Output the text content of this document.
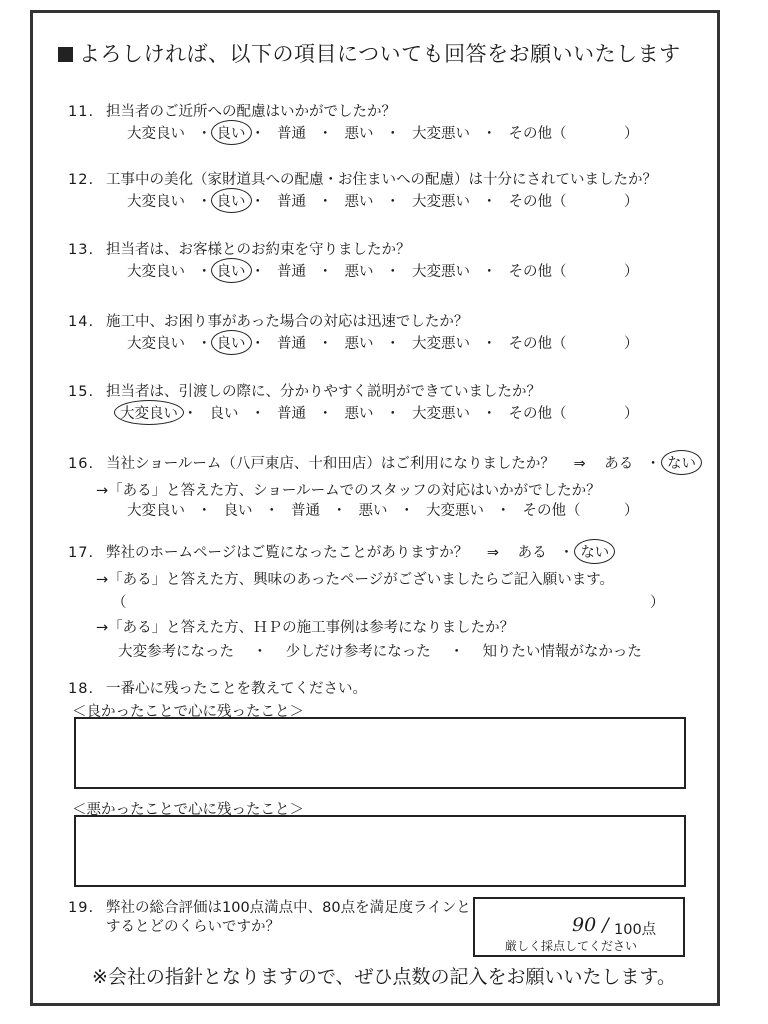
よろしければ、以下の項目についても回答をお願いいたします
11. 担当者のご近所への配慮はいかがでしたか？
大変良い ・ 良い ・ 普通 ・ 悪い ・ 大変悪い ・ その他（	）
12. 工事中の美化（家財道具への配慮・お住まいへの配慮）は十分にされていましたか？
大変良い ・ 良い ・ 普通 ・ 悪い ・ 大変悪い ・ その他（	）
13. 担当者は、お客様とのお約束を守りましたか？
大変良い ・ 良い ・ 普通 ・ 悪い ・ 大変悪い ・ その他（	）
14. 施工中、お困り事があった場合の対応は迅速でしたか？
大変良い ・ 良い ・ 普通 ・ 悪い ・ 大変悪い ・ その他（	）
15. 担当者は、引渡しの際に、分かりやすく説明ができていましたか？
大変良い ・ 良い ・ 普通 ・ 悪い ・ 大変悪い ・ その他（	）
16. 当社ショールーム（八戸東店、十和田店）はご利用になりましたか？ ⇒ ある ・ ない
→「ある」と答えた方、ショールームでのスタッフの対応はいかがでしたか？
大変良い ・ 良い ・ 普通 ・ 悪い ・ 大変悪い ・ その他（	）
17. 弊社のホームページはご覧になったことがありますか？ ⇒ ある ・ ない
→「ある」と答えた方、興味のあったページがございましたらご記入願います。
（	）
→「ある」と答えた方、ＨＰの施工事例は参考になりましたか？
大変参考になった ・ 少しだけ参考になった ・ 知りたい情報がなかった
18. 一番心に残ったことを教えてください。
＜良かったことで心に残ったこと＞
＜悪かったことで心に残ったこと＞
19. 弊社の総合評価は100点満点中、80点を満足度ラインと
するとどのくらいですか？	90 / 100点
厳しく採点してください
※会社の指針となりますので、ぜひ点数の記入をお願いいたします。
